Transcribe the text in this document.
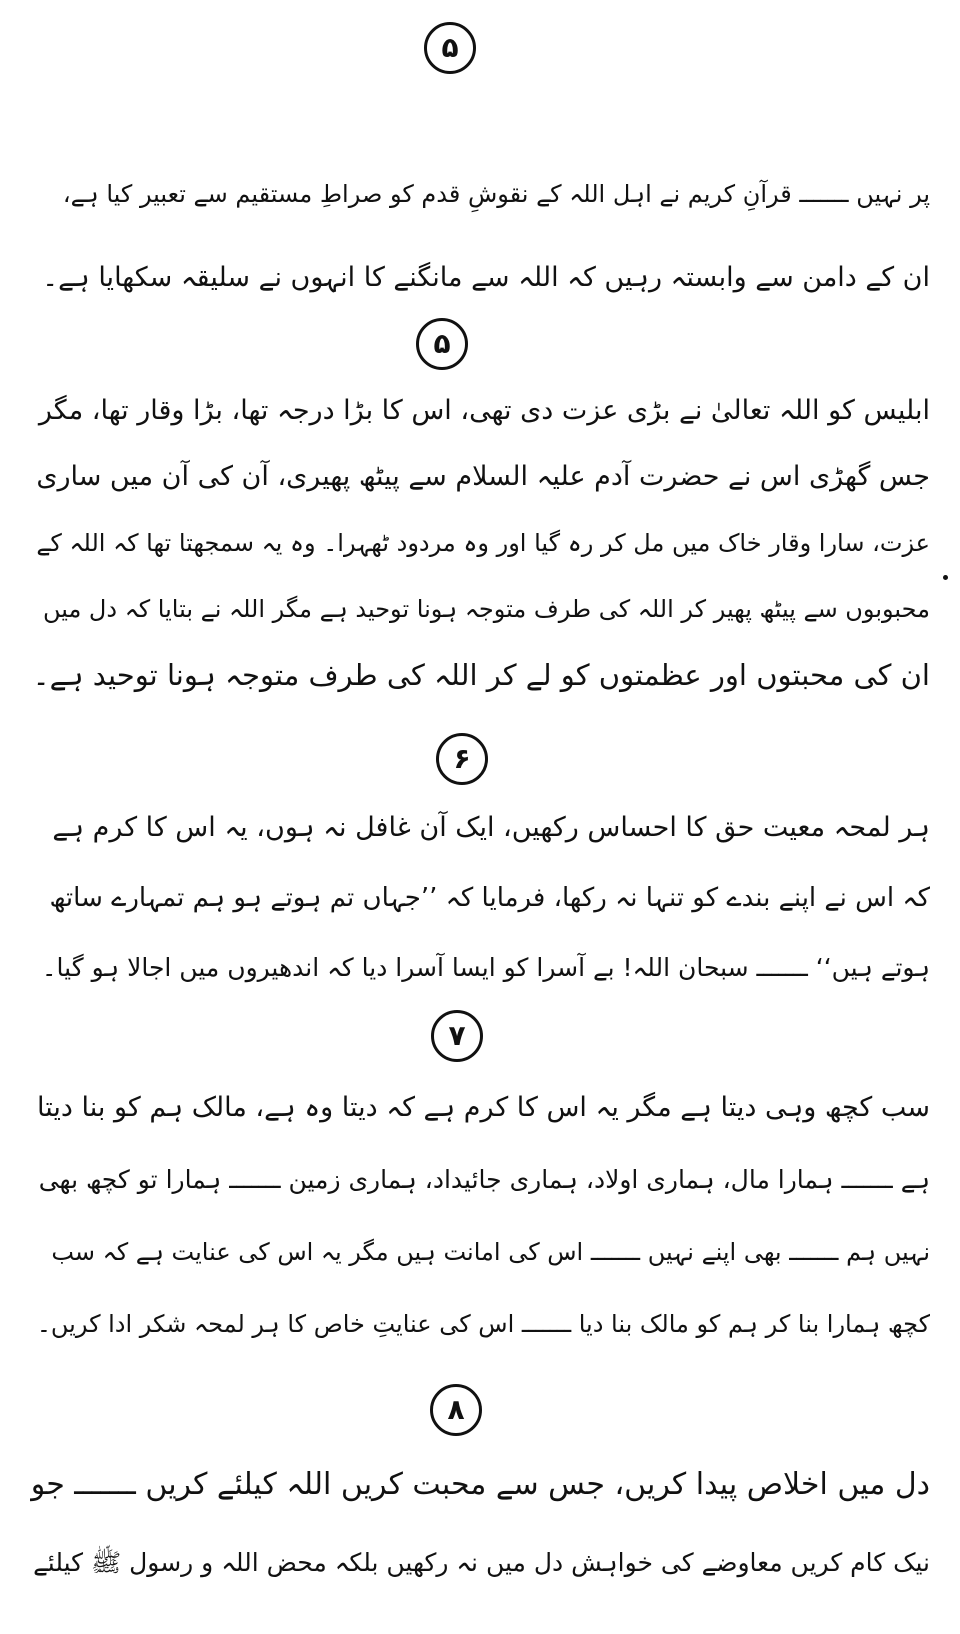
۵
پر نہیں ـــــــ قرآنِ کریم نے اہل اللہ کے نقوشِ قدم کو صراطِ مستقیم سے تعبیر کیا ہے،
ان کے دامن سے وابستہ رہیں کہ اللہ سے مانگنے کا انہوں نے سلیقہ سکھایا ہے۔
۵
ابلیس کو اللہ تعالیٰ نے بڑی عزت دی تھی، اس کا بڑا درجہ تھا، بڑا وقار تھا، مگر
جس گھڑی اس نے حضرت آدم علیہ السلام سے پیٹھ پھیری، آن کی آن میں ساری
عزت، سارا وقار خاک میں مل کر رہ گیا اور وہ مردود ٹھہرا۔ وہ یہ سمجھتا تھا کہ اللہ کے
محبوبوں سے پیٹھ پھیر کر اللہ کی طرف متوجہ ہونا توحید ہے مگر اللہ نے بتایا کہ دل میں
ان کی محبتوں اور عظمتوں کو لے کر اللہ کی طرف متوجہ ہونا توحید ہے۔
۶
ہر لمحہ معیت حق کا احساس رکھیں، ایک آن غافل نہ ہوں، یہ اس کا کرم ہے
کہ اس نے اپنے بندے کو تنہا نہ رکھا، فرمایا کہ ’’جہاں تم ہوتے ہو ہم تمہارے ساتھ
ہوتے ہیں‘‘ ـــــــ سبحان اللہ! بے آسرا کو ایسا آسرا دیا کہ اندھیروں میں اجالا ہو گیا۔
۷
سب کچھ وہی دیتا ہے مگر یہ اس کا کرم ہے کہ دیتا وہ ہے، مالک ہم کو بنا دیتا
ہے ـــــــ ہمارا مال، ہماری اولاد، ہماری جائیداد، ہماری زمین ـــــــ ہمارا تو کچھ بھی
نہیں ہم ـــــــ بھی اپنے نہیں ـــــــ اس کی امانت ہیں مگر یہ اس کی عنایت ہے کہ سب
کچھ ہمارا بنا کر ہم کو مالک بنا دیا ـــــــ اس کی عنایتِ خاص کا ہر لمحہ شکر ادا کریں۔
۸
دل میں اخلاص پیدا کریں، جس سے محبت کریں اللہ کیلئے کریں ـــــــ جو
نیک کام کریں معاوضے کی خواہش دل میں نہ رکھیں بلکہ محض اللہ و رسول ﷺ کیلئے
